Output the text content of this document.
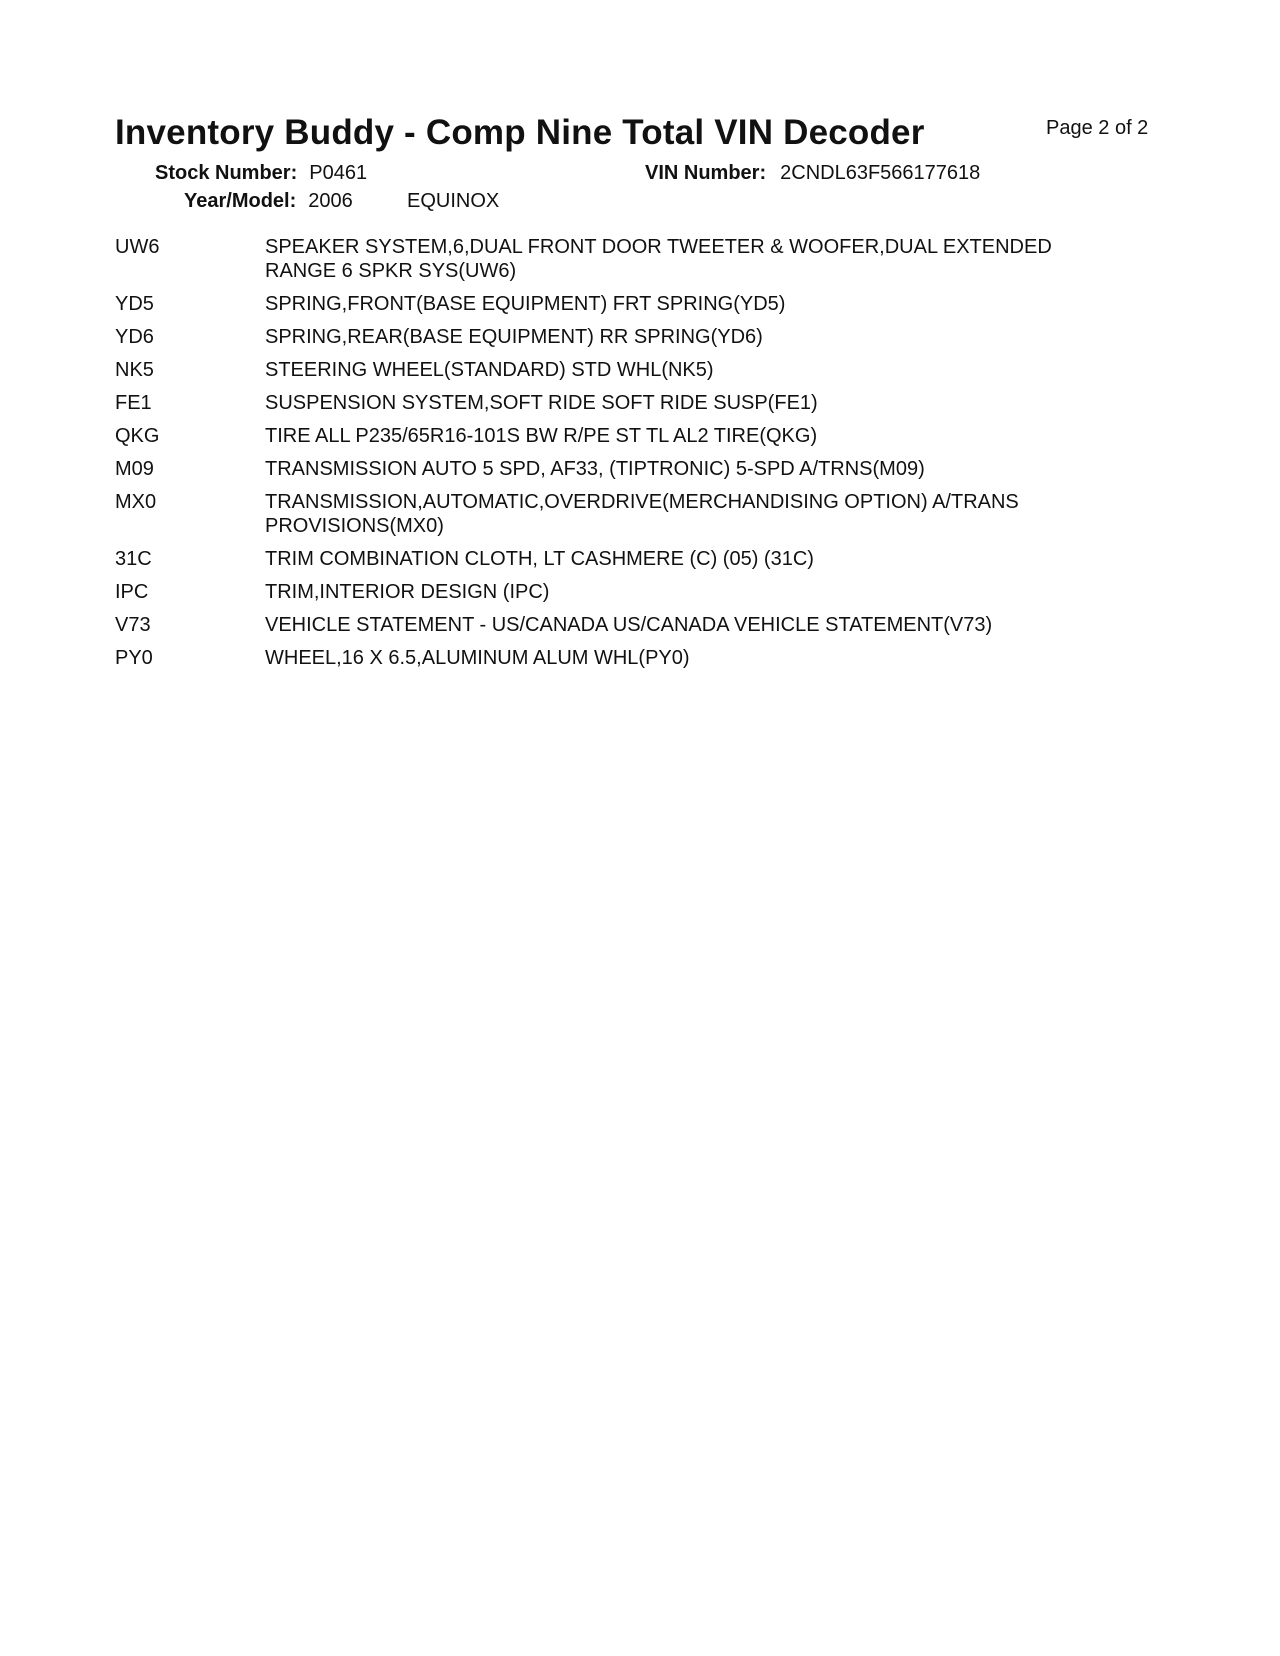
Inventory Buddy - Comp Nine Total VIN Decoder	Page 2 of 2
Stock Number: P0461	VIN Number: 2CNDL63F566177618
Year/Model: 2006	EQUINOX
UW6	SPEAKER SYSTEM,6,DUAL FRONT DOOR TWEETER & WOOFER,DUAL EXTENDED RANGE 6 SPKR SYS(UW6)
YD5	SPRING,FRONT(BASE EQUIPMENT) FRT SPRING(YD5)
YD6	SPRING,REAR(BASE EQUIPMENT) RR SPRING(YD6)
NK5	STEERING WHEEL(STANDARD) STD WHL(NK5)
FE1	SUSPENSION SYSTEM,SOFT RIDE SOFT RIDE SUSP(FE1)
QKG	TIRE ALL P235/65R16-101S BW R/PE ST TL AL2 TIRE(QKG)
M09	TRANSMISSION AUTO 5 SPD, AF33, (TIPTRONIC) 5-SPD A/TRNS(M09)
MX0	TRANSMISSION,AUTOMATIC,OVERDRIVE(MERCHANDISING OPTION) A/TRANS PROVISIONS(MX0)
31C	TRIM COMBINATION CLOTH, LT CASHMERE (C) (05) (31C)
IPC	TRIM,INTERIOR DESIGN (IPC)
V73	VEHICLE STATEMENT - US/CANADA US/CANADA VEHICLE STATEMENT(V73)
PY0	WHEEL,16 X 6.5,ALUMINUM ALUM WHL(PY0)
